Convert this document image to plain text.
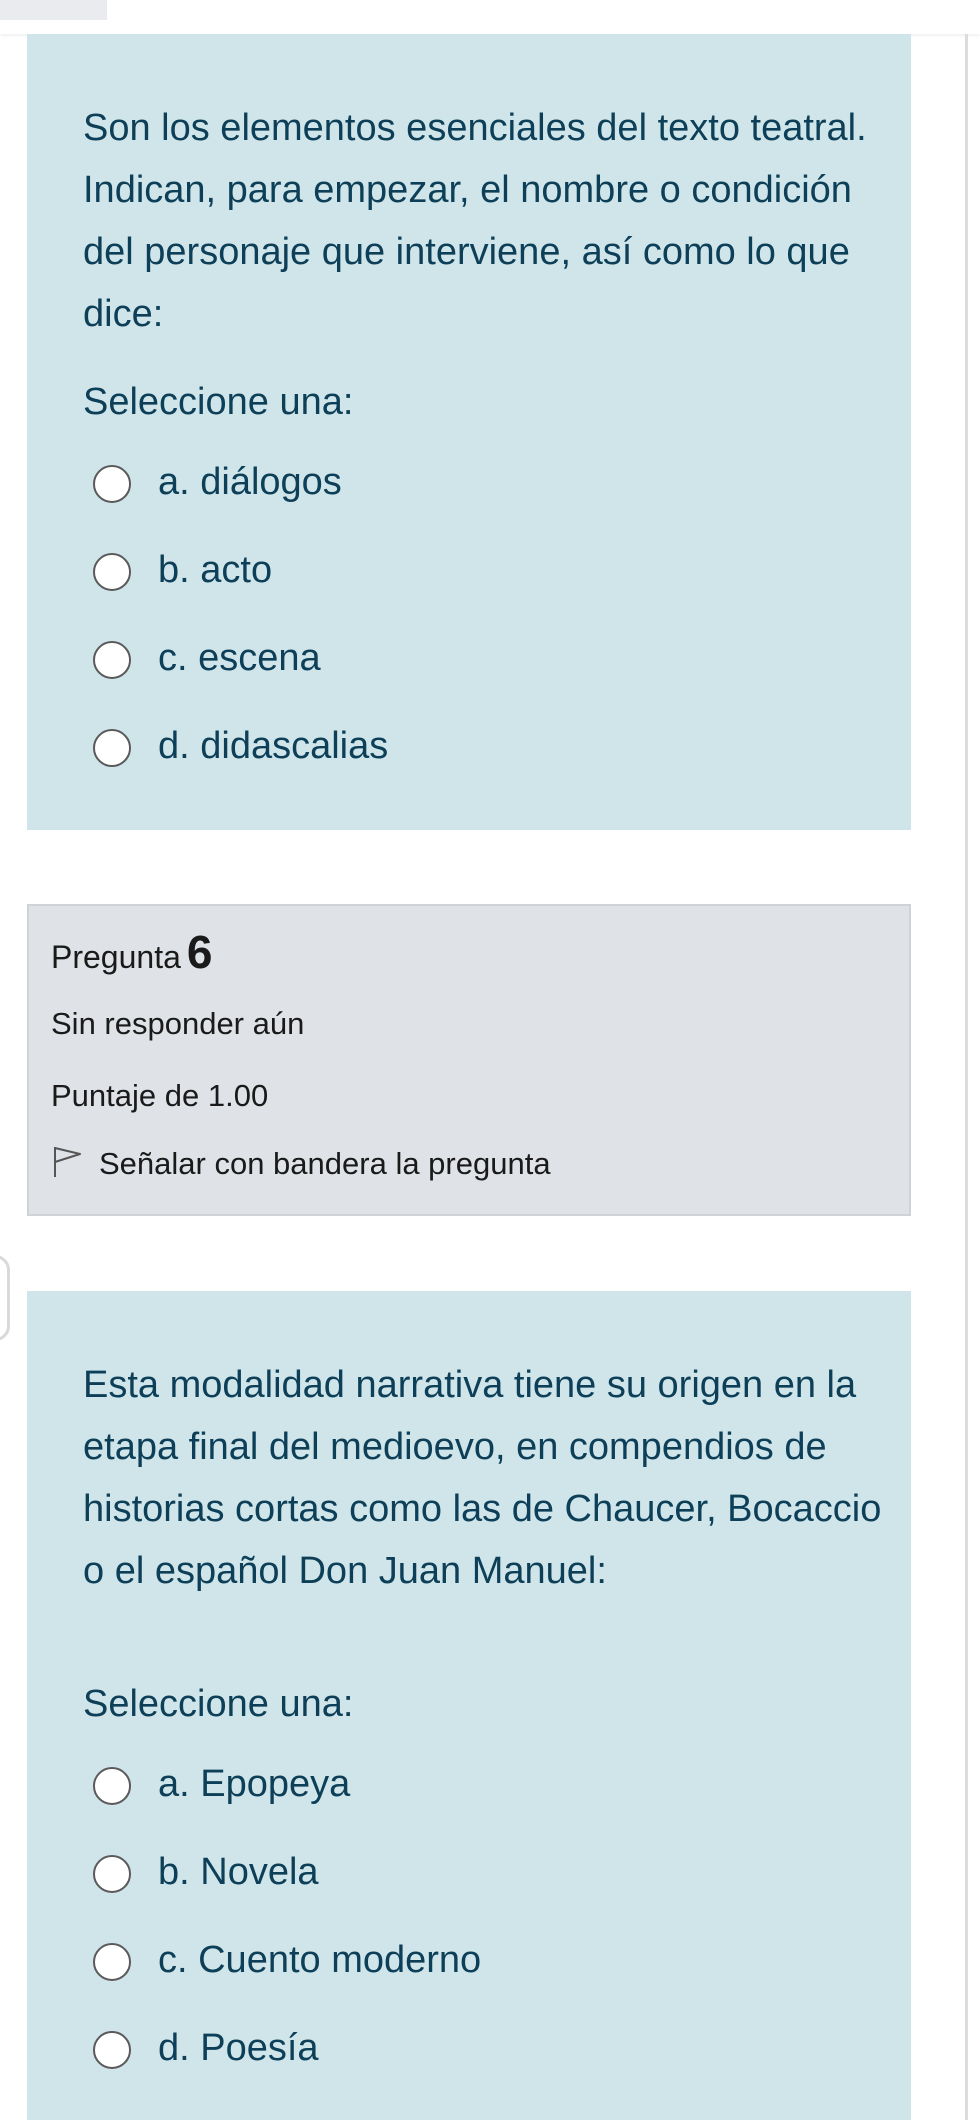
Son los elementos esenciales del texto teatral. Indican, para empezar, el nombre o condición del personaje que interviene, así como lo que dice:
Seleccione una:
a. diálogos
b. acto
c. escena
d. didascalias
Pregunta 6
Sin responder aún
Puntaje de 1.00
Señalar con bandera la pregunta
Esta modalidad narrativa tiene su origen en la etapa final del medioevo, en compendios de historias cortas como las de Chaucer, Bocaccio o el español Don Juan Manuel:
Seleccione una:
a. Epopeya
b. Novela
c. Cuento moderno
d. Poesía
